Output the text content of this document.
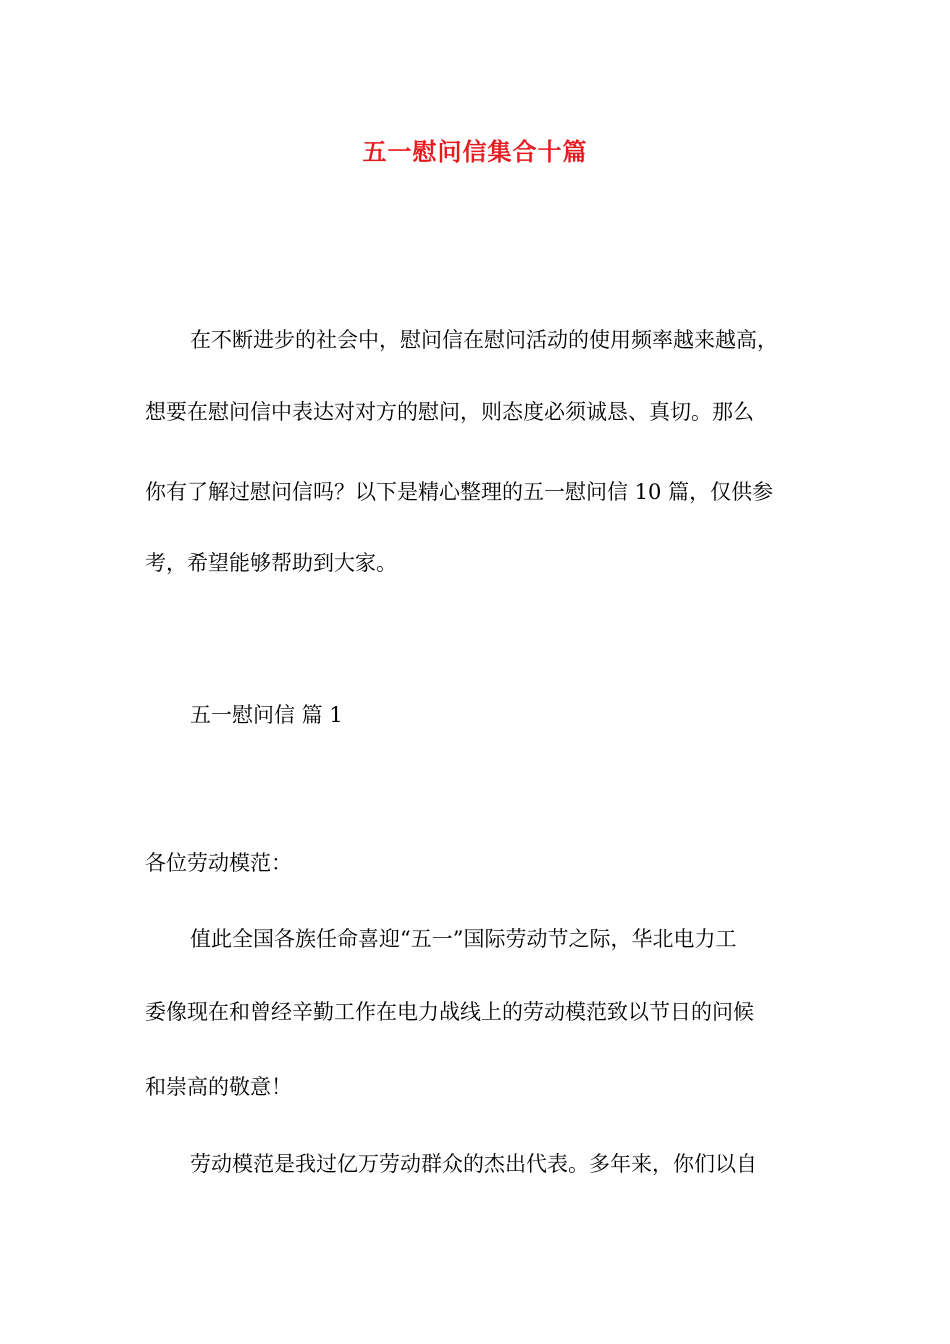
五一慰问信集合十篇
在不断进步的社会中，慰问信在慰问活动的使用频率越来越高，
想要在慰问信中表达对对方的慰问，则态度必须诚恳、真切。那么
你有了解过慰问信吗？以下是精心整理的五一慰问信 10 篇，仅供参
考，希望能够帮助到大家。
五一慰问信 篇 1
各位劳动模范：
值此全国各族任命喜迎“五一”国际劳动节之际，华北电力工
委像现在和曾经辛勤工作在电力战线上的劳动模范致以节日的问候
和崇高的敬意！
劳动模范是我过亿万劳动群众的杰出代表。多年来，你们以自
